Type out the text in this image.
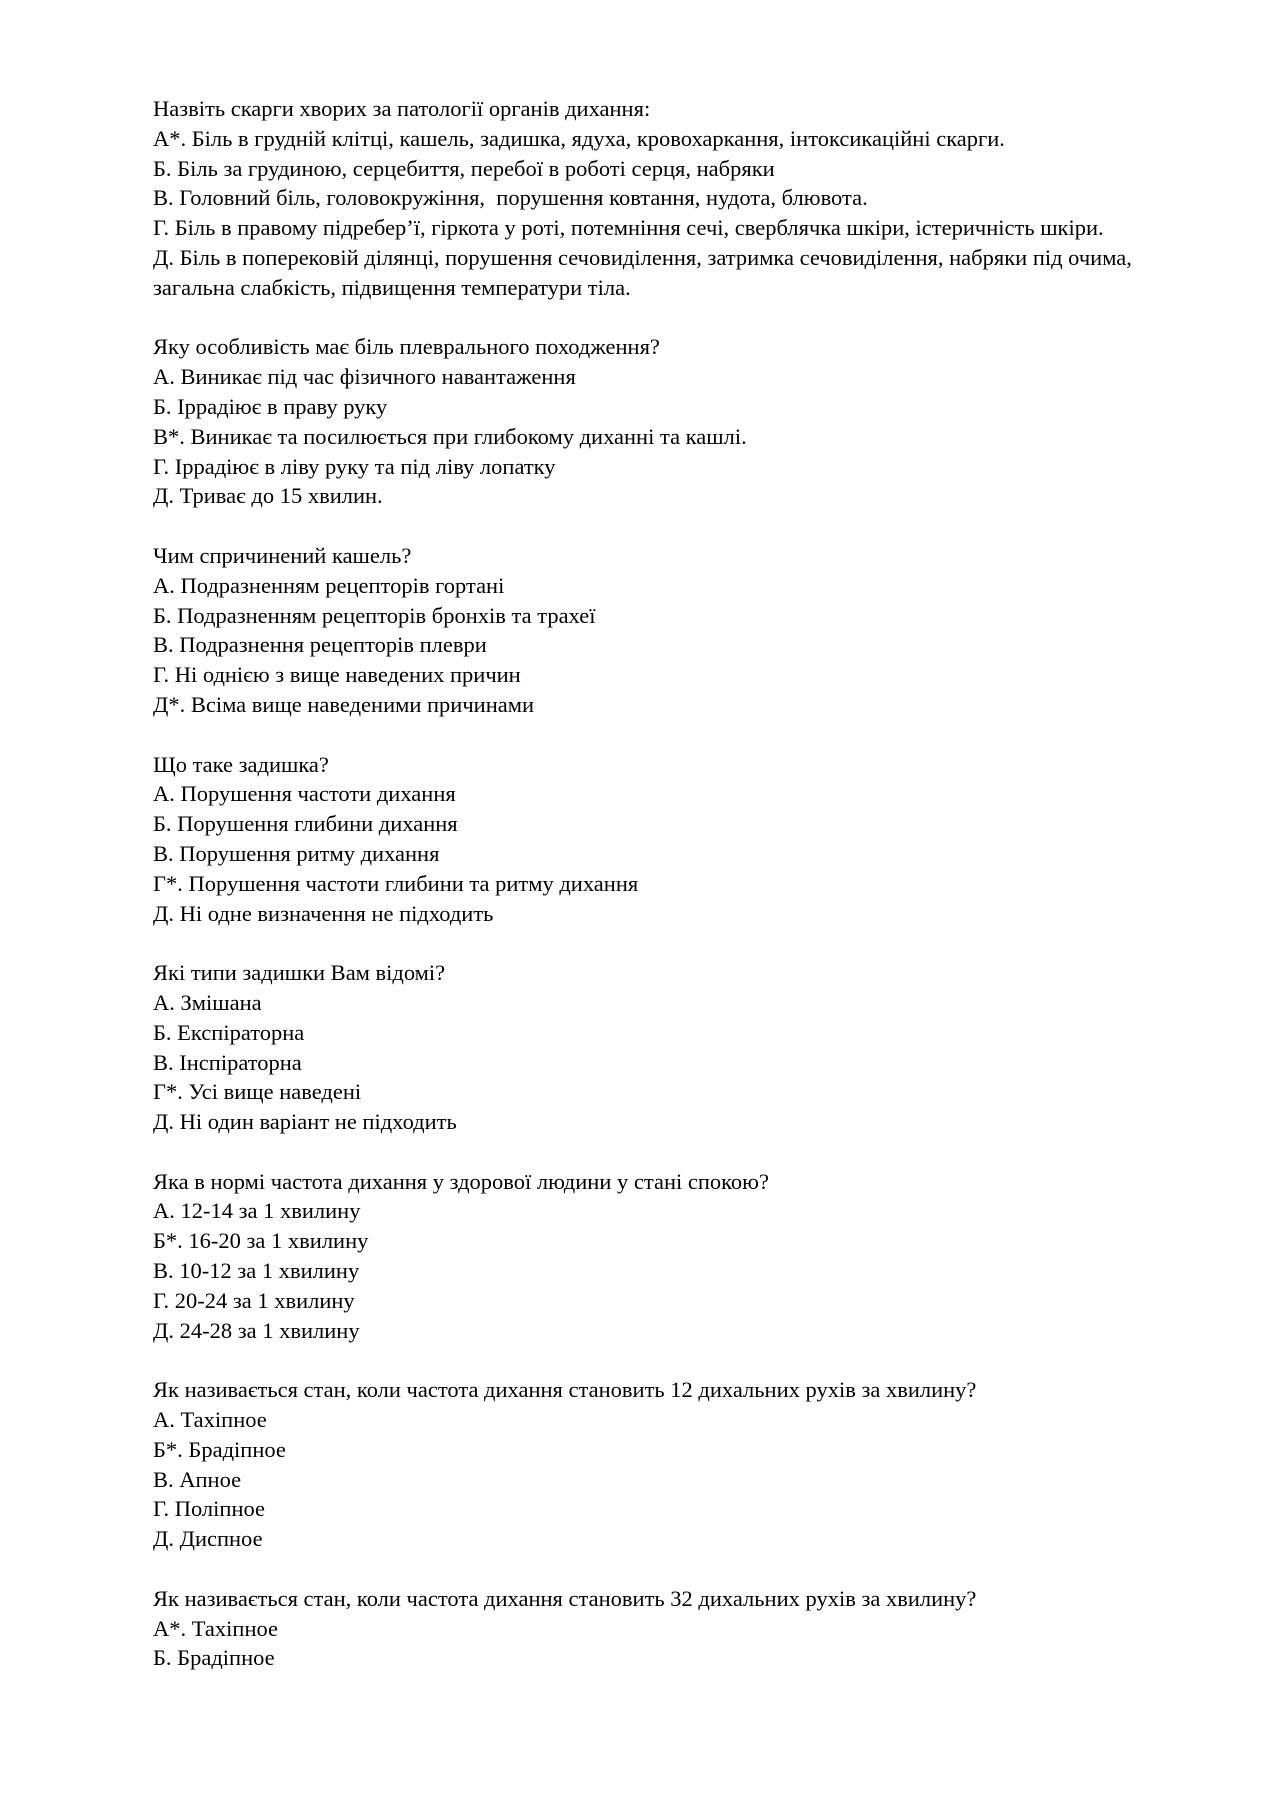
Назвіть скарги хворих за патології органів дихання:
А*. Біль в грудній клітці, кашель, задишка, ядуха, кровохаркання, інтоксикаційні скарги.
Б. Біль за грудиною, серцебиття, перебої в роботі серця, набряки
В. Головний біль, головокружіння,  порушення ковтання, нудота, блювота.
Г. Біль в правому підребер’ї, гіркота у роті, потемніння сечі, сверблячка шкіри, істеричність шкіри.
Д. Біль в поперековій ділянці, порушення сечовиділення, затримка сечовиділення, набряки під очима, загальна слабкість, підвищення температури тіла.
Яку особливість має біль плеврального походження?
А. Виникає під час фізичного навантаження
Б. Іррадіює в праву руку
В*. Виникає та посилюється при глибокому диханні та кашлі.
Г. Іррадіює в ліву руку та під ліву лопатку
Д. Триває до 15 хвилин.
Чим спричинений кашель?
А. Подразненням рецепторів гортані
Б. Подразненням рецепторів бронхів та трахеї
В. Подразнення рецепторів плеври
Г. Ні однією з вище наведених причин
Д*. Всіма вище наведеними причинами
Що таке задишка?
А. Порушення частоти дихання
Б. Порушення глибини дихання
В. Порушення ритму дихання
Г*. Порушення частоти глибини та ритму дихання
Д. Ні одне визначення не підходить
Які типи задишки Вам відомі?
А. Змішана
Б. Експіраторна
В. Інспіраторна
Г*. Усі вище наведені
Д. Ні один варіант не підходить
Яка в нормі частота дихання у здорової людини у стані спокою?
А. 12-14 за 1 хвилину
Б*. 16-20 за 1 хвилину
В. 10-12 за 1 хвилину
Г. 20-24 за 1 хвилину
Д. 24-28 за 1 хвилину
Як називається стан, коли частота дихання становить 12 дихальних рухів за хвилину?
А. Тахіпное
Б*. Брадіпное
В. Апное
Г. Поліпное
Д. Диспное
Як називається стан, коли частота дихання становить 32 дихальних рухів за хвилину?
А*. Тахіпное
Б. Брадіпное
